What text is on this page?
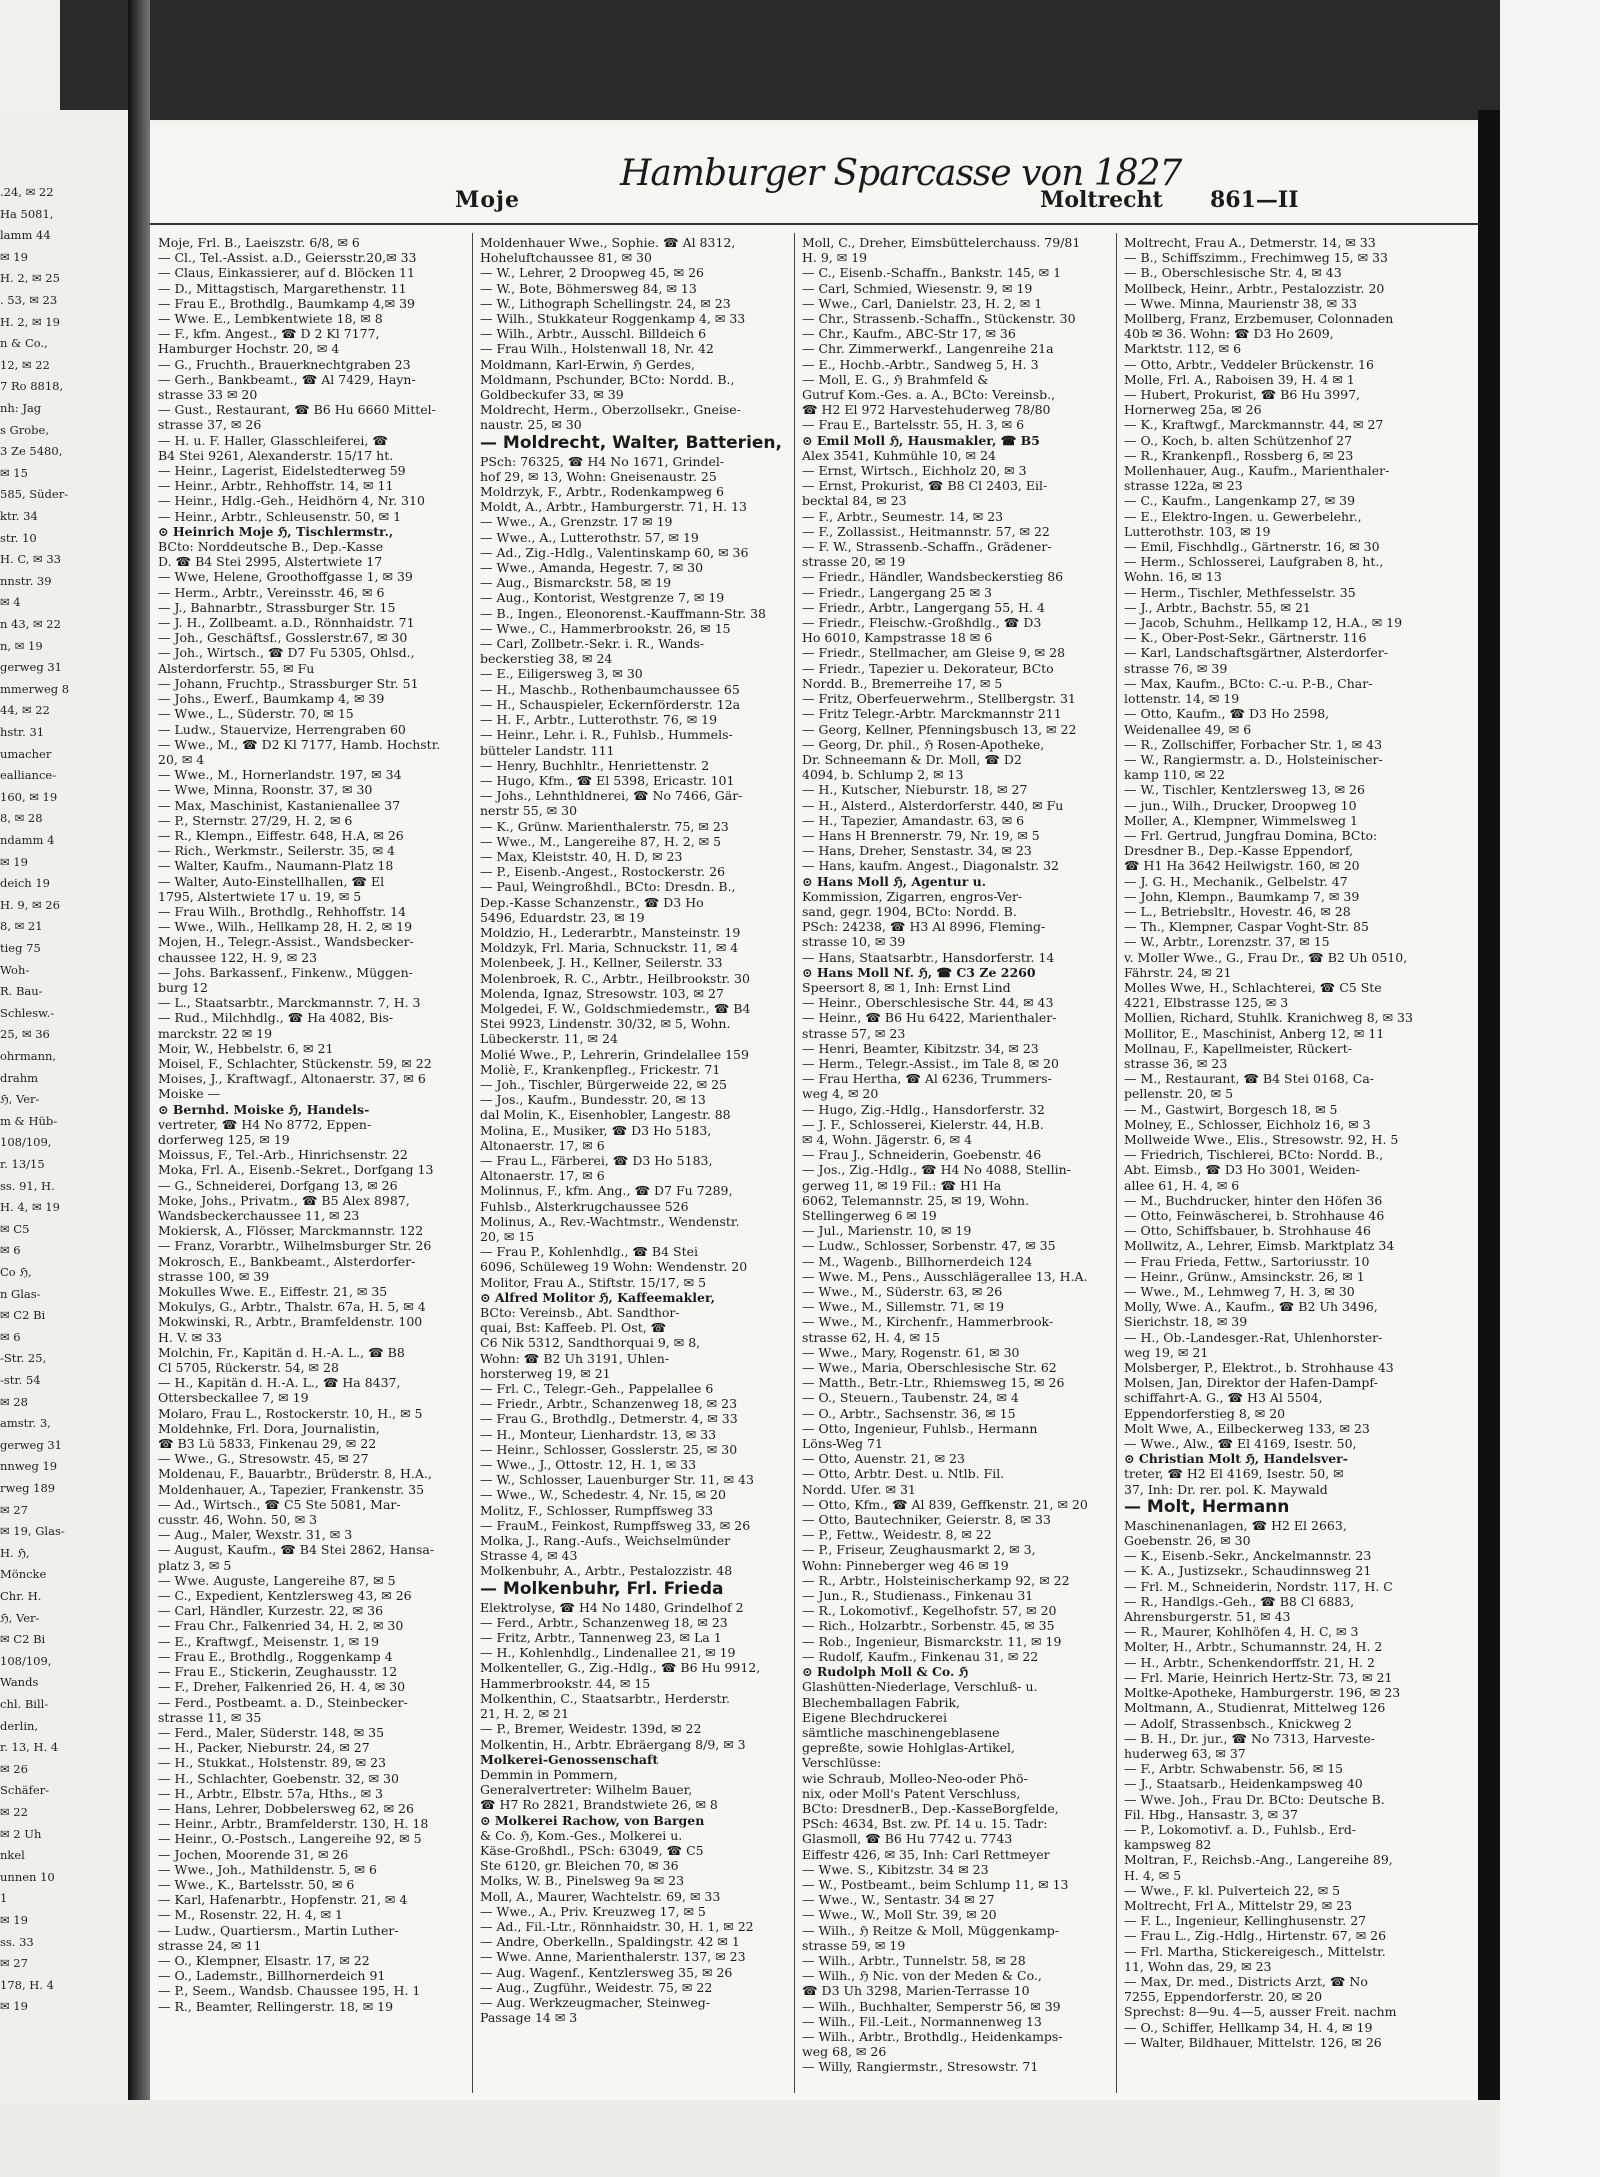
.24, ✉ 22
Ha 5081,
lamm 44
✉ 19
H. 2, ✉ 25
. 53, ✉ 23
H. 2, ✉ 19
n & Co.,
12, ✉ 22
7 Ro 8818,
nh: Jag
s Grobe,
3 Ze 5480,
✉ 15
585, Süder-
ktr. 34
str. 10
H. C, ✉ 33
nnstr. 39
✉ 4
n 43, ✉ 22
n, ✉ 19
gerweg 31
mmerweg 8
44, ✉ 22
hstr. 31
umacher
ealliance-
160, ✉ 19
8, ✉ 28
ndamm 4
✉ 19
deich 19
H. 9, ✉ 26
8, ✉ 21
tieg 75
Woh-
R. Bau-
Schlesw.-
25, ✉ 36
ohrmann,
drahm
ℌ, Ver-
m & Hüb-
108/109,
r. 13/15
ss. 91, H.
H. 4, ✉ 19
✉ C5
✉ 6
Co ℌ,
n Glas-
✉ C2 Bi
✉ 6
-Str. 25,
-str. 54
✉ 28
amstr. 3,
gerweg 31
nnweg 19
rweg 189
✉ 27
✉ 19, Glas-
H. ℌ,
Möncke
Chr. H.
ℌ, Ver-
✉ C2 Bi
108/109,
Wands
chl. Bill-
derlin,
r. 13, H. 4
✉ 26
Schäfer-
✉ 22
✉ 2 Uh
nkel
unnen 10
1
✉ 19
ss. 33
✉ 27
178, H. 4
✉ 19
Moje
Hamburger Sparcasse von 1827
Moltrecht 861—II
Moje, Frl. B., Laeiszstr. 6/8, ✉ 6
— Cl., Tel.-Assist. a.D., Geiersstr.20,✉ 33
— Claus, Einkassierer, auf d. Blöcken 11
— D., Mittagstisch, Margarethenstr. 11
— Frau E., Brothdlg., Baumkamp 4,✉ 39
— Wwe. E., Lembkentwiete 18, ✉ 8
— F., kfm. Angest., ☎ D 2 Kl 7177,
Hamburger Hochstr. 20, ✉ 4
— G., Fruchth., Brauerknechtgraben 23
— Gerh., Bankbeamt., ☎ Al 7429, Hayn-
strasse 33 ✉ 20
— Gust., Restaurant, ☎ B6 Hu 6660 Mittel-
strasse 37, ✉ 26
— H. u. F. Haller, Glasschleiferei, ☎
B4 Stei 9261, Alexanderstr. 15/17 ht.
— Heinr., Lagerist, Eidelstedterweg 59
— Heinr., Arbtr., Rehhoffstr. 14, ✉ 11
— Heinr., Hdlg.-Geh., Heidhörn 4, Nr. 310
— Heinr., Arbtr., Schleusenstr. 50, ✉ 1
⊙ Heinrich Moje ℌ, Tischlermstr.,
BCto: Norddeutsche B., Dep.-Kasse
D. ☎ B4 Stei 2995, Alstertwiete 17
— Wwe, Helene, Groothoffgasse 1, ✉ 39
— Herm., Arbtr., Vereinsstr. 46, ✉ 6
— J., Bahnarbtr., Strassburger Str. 15
— J. H., Zollbeamt. a.D., Rönnhaidstr. 71
— Joh., Geschäftsf., Gosslerstr.67, ✉ 30
— Joh., Wirtsch., ☎ D7 Fu 5305, Ohlsd.,
Alsterdorferstr. 55, ✉ Fu
— Johann, Fruchtp., Strassburger Str. 51
— Johs., Ewerf., Baumkamp 4, ✉ 39
— Wwe., L., Süderstr. 70, ✉ 15
— Ludw., Stauervize, Herrengraben 60
— Wwe., M., ☎ D2 Kl 7177, Hamb. Hochstr.
20, ✉ 4
— Wwe., M., Hornerlandstr. 197, ✉ 34
— Wwe, Minna, Roonstr. 37, ✉ 30
— Max, Maschinist, Kastanienallee 37
— P., Sternstr. 27/29, H. 2, ✉ 6
— R., Klempn., Eiffestr. 648, H.A, ✉ 26
— Rich., Werkmstr., Seilerstr. 35, ✉ 4
— Walter, Kaufm., Naumann-Platz 18
— Walter, Auto-Einstellhallen, ☎ El
1795, Alstertwiete 17 u. 19, ✉ 5
— Frau Wilh., Brothdlg., Rehhoffstr. 14
— Wwe., Wilh., Hellkamp 28, H. 2, ✉ 19
Mojen, H., Telegr.-Assist., Wandsbecker-
chaussee 122, H. 9, ✉ 23
— Johs. Barkassenf., Finkenw., Müggen-
burg 12
— L., Staatsarbtr., Marckmannstr. 7, H. 3
— Rud., Milchhdlg., ☎ Ha 4082, Bis-
marckstr. 22 ✉ 19
Moir, W., Hebbelstr. 6, ✉ 21
Moisel, F., Schlachter, Stückenstr. 59, ✉ 22
Moises, J., Kraftwagf., Altonaerstr. 37, ✉ 6
Moiske —
⊙ Bernhd. Moiske ℌ, Handels-
vertreter, ☎ H4 No 8772, Eppen-
dorferweg 125, ✉ 19
Moissus, F., Tel.-Arb., Hinrichsenstr. 22
Moka, Frl. A., Eisenb.-Sekret., Dorfgang 13
— G., Schneiderei, Dorfgang 13, ✉ 26
Moke, Johs., Privatm., ☎ B5 Alex 8987,
Wandsbeckerchaussee 11, ✉ 23
Mokiersk, A., Flösser, Marckmannstr. 122
— Franz, Vorarbtr., Wilhelmsburger Str. 26
Mokrosch, E., Bankbeamt., Alsterdorfer-
strasse 100, ✉ 39
Mokulles Wwe. E., Eiffestr. 21, ✉ 35
Mokulys, G., Arbtr., Thalstr. 67a, H. 5, ✉ 4
Mokwinski, R., Arbtr., Bramfeldenstr. 100
H. V. ✉ 33
Molchin, Fr., Kapitän d. H.-A. L., ☎ B8
Cl 5705, Rückerstr. 54, ✉ 28
— H., Kapitän d. H.-A. L., ☎ Ha 8437,
Ottersbeckallee 7, ✉ 19
Molaro, Frau L., Rostockerstr. 10, H., ✉ 5
Moldehnke, Frl. Dora, Journalistin,
☎ B3 Lü 5833, Finkenau 29, ✉ 22
— Wwe., G., Stresowstr. 45, ✉ 27
Moldenau, F., Bauarbtr., Brüderstr. 8, H.A.,
Moldenhauer, A., Tapezier, Frankenstr. 35
— Ad., Wirtsch., ☎ C5 Ste 5081, Mar-
cusstr. 46, Wohn. 50, ✉ 3
— Aug., Maler, Wexstr. 31, ✉ 3
— August, Kaufm., ☎ B4 Stei 2862, Hansa-
platz 3, ✉ 5
— Wwe. Auguste, Langereihe 87, ✉ 5
— C., Expedient, Kentzlersweg 43, ✉ 26
— Carl, Händler, Kurzestr. 22, ✉ 36
— Frau Chr., Falkenried 34, H. 2, ✉ 30
— E., Kraftwgf., Meisenstr. 1, ✉ 19
— Frau E., Brothdlg., Roggenkamp 4
— Frau E., Stickerin, Zeughausstr. 12
— F., Dreher, Falkenried 26, H. 4, ✉ 30
— Ferd., Postbeamt. a. D., Steinbecker-
strasse 11, ✉ 35
— Ferd., Maler, Süderstr. 148, ✉ 35
— H., Packer, Nieburstr. 24, ✉ 27
— H., Stukkat., Holstenstr. 89, ✉ 23
— H., Schlachter, Goebenstr. 32, ✉ 30
— H., Arbtr., Elbstr. 57a, Hths., ✉ 3
— Hans, Lehrer, Dobbelersweg 62, ✉ 26
— Heinr., Arbtr., Bramfelderstr. 130, H. 18
— Heinr., O.-Postsch., Langereihe 92, ✉ 5
— Jochen, Moorende 31, ✉ 26
— Wwe., Joh., Mathildenstr. 5, ✉ 6
— Wwe., K., Bartelsstr. 50, ✉ 6
— Karl, Hafenarbtr., Hopfenstr. 21, ✉ 4
— M., Rosenstr. 22, H. 4, ✉ 1
— Ludw., Quartiersm., Martin Luther-
strasse 24, ✉ 11
— O., Klempner, Elsastr. 17, ✉ 22
— O., Lademstr., Billhornerdeich 91
— P., Seem., Wandsb. Chaussee 195, H. 1
— R., Beamter, Rellingerstr. 18, ✉ 19
Moldenhauer Wwe., Sophie. ☎ Al 8312,
Hoheluftchaussee 81, ✉ 30
— W., Lehrer, 2 Droopweg 45, ✉ 26
— W., Bote, Böhmersweg 84, ✉ 13
— W., Lithograph Schellingstr. 24, ✉ 23
— Wilh., Stukkateur Roggenkamp 4, ✉ 33
— Wilh., Arbtr., Ausschl. Billdeich 6
— Frau Wilh., Holstenwall 18, Nr. 42
Moldmann, Karl-Erwin, ℌ Gerdes,
Moldmann, Pschunder, BCto: Nordd. B.,
Goldbeckufer 33, ✉ 39
Moldrecht, Herm., Oberzollsekr., Gneise-
naustr. 25, ✉ 30
— Moldrecht, Walter, Batterien,
PSch: 76325, ☎ H4 No 1671, Grindel-
hof 29, ✉ 13, Wohn: Gneisenaustr. 25
Moldrzyk, F., Arbtr., Rodenkampweg 6
Moldt, A., Arbtr., Hamburgerstr. 71, H. 13
— Wwe., A., Grenzstr. 17 ✉ 19
— Wwe., A., Lutterothstr. 57, ✉ 19
— Ad., Zig.-Hdlg., Valentinskamp 60, ✉ 36
— Wwe., Amanda, Hegestr. 7, ✉ 30
— Aug., Bismarckstr. 58, ✉ 19
— Aug., Kontorist, Westgrenze 7, ✉ 19
— B., Ingen., Eleonorenst.-Kauffmann-Str. 38
— Wwe., C., Hammerbrookstr. 26, ✉ 15
— Carl, Zollbetr.-Sekr. i. R., Wands-
beckerstieg 38, ✉ 24
— E., Eiligersweg 3, ✉ 30
— H., Maschb., Rothenbaumchaussee 65
— H., Schauspieler, Eckernförderstr. 12a
— H. F., Arbtr., Lutterothstr. 76, ✉ 19
— Heinr., Lehr. i. R., Fuhlsb., Hummels-
bütteler Landstr. 111
— Henry, Buchhltr., Henriettenstr. 2
— Hugo, Kfm., ☎ El 5398, Ericastr. 101
— Johs., Lehnthldnerei, ☎ No 7466, Gär-
nerstr 55, ✉ 30
— K., Grünw. Marienthalerstr. 75, ✉ 23
— Wwe., M., Langereihe 87, H. 2, ✉ 5
— Max, Kleiststr. 40, H. D, ✉ 23
— P., Eisenb.-Angest., Rostockerstr. 26
— Paul, Weingroßhdl., BCto: Dresdn. B.,
Dep.-Kasse Schanzenstr., ☎ D3 Ho
5496, Eduardstr. 23, ✉ 19
Moldzio, H., Lederarbtr., Mansteinstr. 19
Moldzyk, Frl. Maria, Schnuckstr. 11, ✉ 4
Molenbeek, J. H., Kellner, Seilerstr. 33
Molenbroek, R. C., Arbtr., Heilbrookstr. 30
Molenda, Ignaz, Stresowstr. 103, ✉ 27
Molgedei, F. W., Goldschmiedemstr., ☎ B4
Stei 9923, Lindenstr. 30/32, ✉ 5, Wohn.
Lübeckerstr. 11, ✉ 24
Molié Wwe., P., Lehrerin, Grindelallee 159
Moliè, F., Krankenpfleg., Frickestr. 71
— Joh., Tischler, Bürgerweide 22, ✉ 25
— Jos., Kaufm., Bundesstr. 20, ✉ 13
dal Molin, K., Eisenhobler, Langestr. 88
Molina, E., Musiker, ☎ D3 Ho 5183,
Altonaerstr. 17, ✉ 6
— Frau L., Färberei, ☎ D3 Ho 5183,
Altonaerstr. 17, ✉ 6
Molinnus, F., kfm. Ang., ☎ D7 Fu 7289,
Fuhlsb., Alsterkrugchaussee 526
Molinus, A., Rev.-Wachtmstr., Wendenstr.
20, ✉ 15
— Frau P., Kohlenhdlg., ☎ B4 Stei
6096, Schüleweg 19 Wohn: Wendenstr. 20
Molitor, Frau A., Stiftstr. 15/17, ✉ 5
⊙ Alfred Molitor ℌ, Kaffeemakler,
BCto: Vereinsb., Abt. Sandthor-
quai, Bst: Kaffeeb. Pl. Ost, ☎
C6 Nik 5312, Sandthorquai 9, ✉ 8,
Wohn: ☎ B2 Uh 3191, Uhlen-
horsterweg 19, ✉ 21
— Frl. C., Telegr.-Geh., Pappelallee 6
— Friedr., Arbtr., Schanzenweg 18, ✉ 23
— Frau G., Brothdlg., Detmerstr. 4, ✉ 33
— H., Monteur, Lienhardstr. 13, ✉ 33
— Heinr., Schlosser, Gosslerstr. 25, ✉ 30
— Wwe., J., Ottostr. 12, H. 1, ✉ 33
— W., Schlosser, Lauenburger Str. 11, ✉ 43
— Wwe., W., Schedestr. 4, Nr. 15, ✉ 20
Molitz, F., Schlosser, Rumpffsweg 33
— FrauM., Feinkost, Rumpffsweg 33, ✉ 26
Molka, J., Rang.-Aufs., Weichselmünder
Strasse 4, ✉ 43
Molkenbuhr, A., Arbtr., Pestalozzistr. 48
— Molkenbuhr, Frl. Frieda
Elektrolyse, ☎ H4 No 1480, Grindelhof 2
— Ferd., Arbtr., Schanzenweg 18, ✉ 23
— Fritz, Arbtr., Tannenweg 23, ✉ La 1
— H., Kohlenhdlg., Lindenallee 21, ✉ 19
Molkenteller, G., Zig.-Hdlg., ☎ B6 Hu 9912,
Hammerbrookstr. 44, ✉ 15
Molkenthin, C., Staatsarbtr., Herderstr.
21, H. 2, ✉ 21
— P., Bremer, Weidestr. 139d, ✉ 22
Molkentin, H., Arbtr. Ebräergang 8/9, ✉ 3
Molkerei-Genossenschaft
Demmin in Pommern,
Generalvertreter: Wilhelm Bauer,
☎ H7 Ro 2821, Brandstwiete 26, ✉ 8
⊙ Molkerei Rachow, von Bargen
& Co. ℌ, Kom.-Ges., Molkerei u.
Käse-Großhdl., PSch: 63049, ☎ C5
Ste 6120, gr. Bleichen 70, ✉ 36
Molks, W. B., Pinelsweg 9a ✉ 23
Moll, A., Maurer, Wachtelstr. 69, ✉ 33
— Wwe., A., Priv. Kreuzweg 17, ✉ 5
— Ad., Fil.-Ltr., Rönnhaidstr. 30, H. 1, ✉ 22
— Andre, Oberkelln., Spaldingstr. 42 ✉ 1
— Wwe. Anne, Marienthalerstr. 137, ✉ 23
— Aug. Wagenf., Kentzlersweg 35, ✉ 26
— Aug., Zugführ., Weidestr. 75, ✉ 22
— Aug. Werkzeugmacher, Steinweg-
Passage 14 ✉ 3
Moll, C., Dreher, Eimsbüttelerchauss. 79/81
H. 9, ✉ 19
— C., Eisenb.-Schaffn., Bankstr. 145, ✉ 1
— Carl, Schmied, Wiesenstr. 9, ✉ 19
— Wwe., Carl, Danielstr. 23, H. 2, ✉ 1
— Chr., Strassenb.-Schaffn., Stückenstr. 30
— Chr., Kaufm., ABC-Str 17, ✉ 36
— Chr. Zimmerwerkf., Langenreihe 21a
— E., Hochb.-Arbtr., Sandweg 5, H. 3
— Moll, E. G., ℌ Brahmfeld &
Gutruf Kom.-Ges. a. A., BCto: Vereinsb.,
☎ H2 El 972 Harvestehuderweg 78/80
— Frau E., Bartelsstr. 55, H. 3, ✉ 6
⊙ Emil Moll ℌ, Hausmakler, ☎ B5
Alex 3541, Kuhmühle 10, ✉ 24
— Ernst, Wirtsch., Eichholz 20, ✉ 3
— Ernst, Prokurist, ☎ B8 Cl 2403, Eil-
becktal 84, ✉ 23
— F., Arbtr., Seumestr. 14, ✉ 23
— F., Zollassist., Heitmannstr. 57, ✉ 22
— F. W., Strassenb.-Schaffn., Grädener-
strasse 20, ✉ 19
— Friedr., Händler, Wandsbeckerstieg 86
— Friedr., Langergang 25 ✉ 3
— Friedr., Arbtr., Langergang 55, H. 4
— Friedr., Fleischw.-Großhdlg., ☎ D3
Ho 6010, Kampstrasse 18 ✉ 6
— Friedr., Stellmacher, am Gleise 9, ✉ 28
— Friedr., Tapezier u. Dekorateur, BCto
Nordd. B., Bremerreihe 17, ✉ 5
— Fritz, Oberfeuerwehrm., Stellbergstr. 31
— Fritz Telegr.-Arbtr. Marckmannstr 211
— Georg, Kellner, Pfenningsbusch 13, ✉ 22
— Georg, Dr. phil., ℌ Rosen-Apotheke,
Dr. Schneemann & Dr. Moll, ☎ D2
4094, b. Schlump 2, ✉ 13
— H., Kutscher, Nieburstr. 18, ✉ 27
— H., Alsterd., Alsterdorferstr. 440, ✉ Fu
— H., Tapezier, Amandastr. 63, ✉ 6
— Hans H Brennerstr. 79, Nr. 19, ✉ 5
— Hans, Dreher, Senstastr. 34, ✉ 23
— Hans, kaufm. Angest., Diagonalstr. 32
⊙ Hans Moll ℌ, Agentur u.
Kommission, Zigarren, engros-Ver-
sand, gegr. 1904, BCto: Nordd. B.
PSch: 24238, ☎ H3 Al 8996, Fleming-
strasse 10, ✉ 39
— Hans, Staatsarbtr., Hansdorferstr. 14
⊙ Hans Moll Nf. ℌ, ☎ C3 Ze 2260
Speersort 8, ✉ 1, Inh: Ernst Lind
— Heinr., Oberschlesische Str. 44, ✉ 43
— Heinr., ☎ B6 Hu 6422, Marienthaler-
strasse 57, ✉ 23
— Henri, Beamter, Kibitzstr. 34, ✉ 23
— Herm., Telegr.-Assist., im Tale 8, ✉ 20
— Frau Hertha, ☎ Al 6236, Trummers-
weg 4, ✉ 20
— Hugo, Zig.-Hdlg., Hansdorferstr. 32
— J. F., Schlosserei, Kielerstr. 44, H.B.
✉ 4, Wohn. Jägerstr. 6, ✉ 4
— Frau J., Schneiderin, Goebenstr. 46
— Jos., Zig.-Hdlg., ☎ H4 No 4088, Stellin-
gerweg 11, ✉ 19 Fil.: ☎ H1 Ha
6062, Telemannstr. 25, ✉ 19, Wohn.
Stellingerweg 6 ✉ 19
— Jul., Marienstr. 10, ✉ 19
— Ludw., Schlosser, Sorbenstr. 47, ✉ 35
— M., Wagenb., Billhornerdeich 124
— Wwe. M., Pens., Ausschlägerallee 13, H.A.
— Wwe., M., Süderstr. 63, ✉ 26
— Wwe., M., Sillemstr. 71, ✉ 19
— Wwe., M., Kirchenfr., Hammerbrook-
strasse 62, H. 4, ✉ 15
— Wwe., Mary, Rogenstr. 61, ✉ 30
— Wwe., Maria, Oberschlesische Str. 62
— Matth., Betr.-Ltr., Rhiemsweg 15, ✉ 26
— O., Steuern., Taubenstr. 24, ✉ 4
— O., Arbtr., Sachsenstr. 36, ✉ 15
— Otto, Ingenieur, Fuhlsb., Hermann
Löns-Weg 71
— Otto, Auenstr. 21, ✉ 23
— Otto, Arbtr. Dest. u. Ntlb. Fil.
Nordd. Ufer. ✉ 31
— Otto, Kfm., ☎ Al 839, Geffkenstr. 21, ✉ 20
— Otto, Bautechniker, Geierstr. 8, ✉ 33
— P., Fettw., Weidestr. 8, ✉ 22
— P., Friseur, Zeughausmarkt 2, ✉ 3,
Wohn: Pinneberger weg 46 ✉ 19
— R., Arbtr., Holsteinischerkamp 92, ✉ 22
— Jun., R., Studienass., Finkenau 31
— R., Lokomotivf., Kegelhofstr. 57, ✉ 20
— Rich., Holzarbtr., Sorbenstr. 45, ✉ 35
— Rob., Ingenieur, Bismarckstr. 11, ✉ 19
— Rudolf, Kaufm., Finkenau 31, ✉ 22
⊙ Rudolph Moll & Co. ℌ
Glashütten-Niederlage, Verschluß- u.
Blechemballagen Fabrik,
Eigene Blechdruckerei
sämtliche maschinengeblasene
gepreßte, sowie Hohlglas-Artikel,
Verschlüsse:
wie Schraub, Molleo-Neo-oder Phö-
nix, oder Moll's Patent Verschluss,
BCto: DresdnerB., Dep.-KasseBorgfelde,
PSch: 4634, Bst. zw. Pf. 14 u. 15. Tadr:
Glasmoll, ☎ B6 Hu 7742 u. 7743
Eiffestr 426, ✉ 35, Inh: Carl Rettmeyer
— Wwe. S., Kibitzstr. 34 ✉ 23
— W., Postbeamt., beim Schlump 11, ✉ 13
— Wwe., W., Sentastr. 34 ✉ 27
— Wwe., W., Moll Str. 39, ✉ 20
— Wilh., ℌ Reitze & Moll, Müggenkamp-
strasse 59, ✉ 19
— Wilh., Arbtr., Tunnelstr. 58, ✉ 28
— Wilh., ℌ Nic. von der Meden & Co.,
☎ D3 Uh 3298, Marien-Terrasse 10
— Wilh., Buchhalter, Semperstr 56, ✉ 39
— Wilh., Fil.-Leit., Normannenweg 13
— Wilh., Arbtr., Brothdlg., Heidenkamps-
weg 68, ✉ 26
— Willy, Rangiermstr., Stresowstr. 71
Moltrecht, Frau A., Detmerstr. 14, ✉ 33
— B., Schiffszimm., Frechimweg 15, ✉ 33
— B., Oberschlesische Str. 4, ✉ 43
Mollbeck, Heinr., Arbtr., Pestalozzistr. 20
— Wwe. Minna, Maurienstr 38, ✉ 33
Mollberg, Franz, Erzbemuser, Colonnaden
40b ✉ 36. Wohn: ☎ D3 Ho 2609,
Marktstr. 112, ✉ 6
— Otto, Arbtr., Veddeler Brückenstr. 16
Molle, Frl. A., Raboisen 39, H. 4 ✉ 1
— Hubert, Prokurist, ☎ B6 Hu 3997,
Hornerweg 25a, ✉ 26
— K., Kraftwgf., Marckmannstr. 44, ✉ 27
— O., Koch, b. alten Schützenhof 27
— R., Krankenpfl., Rossberg 6, ✉ 23
Mollenhauer, Aug., Kaufm., Marienthaler-
strasse 122a, ✉ 23
— C., Kaufm., Langenkamp 27, ✉ 39
— E., Elektro-Ingen. u. Gewerbelehr.,
Lutterothstr. 103, ✉ 19
— Emil, Fischhdlg., Gärtnerstr. 16, ✉ 30
— Herm., Schlosserei, Laufgraben 8, ht.,
Wohn. 16, ✉ 13
— Herm., Tischler, Methfesselstr. 35
— J., Arbtr., Bachstr. 55, ✉ 21
— Jacob, Schuhm., Hellkamp 12, H.A., ✉ 19
— K., Ober-Post-Sekr., Gärtnerstr. 116
— Karl, Landschaftsgärtner, Alsterdorfer-
strasse 76, ✉ 39
— Max, Kaufm., BCto: C.-u. P.-B., Char-
lottenstr. 14, ✉ 19
— Otto, Kaufm., ☎ D3 Ho 2598,
Weidenallee 49, ✉ 6
— R., Zollschiffer, Forbacher Str. 1, ✉ 43
— W., Rangiermstr. a. D., Holsteinischer-
kamp 110, ✉ 22
— W., Tischler, Kentzlersweg 13, ✉ 26
— jun., Wilh., Drucker, Droopweg 10
Moller, A., Klempner, Wimmelsweg 1
— Frl. Gertrud, Jungfrau Domina, BCto:
Dresdner B., Dep.-Kasse Eppendorf,
☎ H1 Ha 3642 Heilwigstr. 160, ✉ 20
— J. G. H., Mechanik., Gelbelstr. 47
— John, Klempn., Baumkamp 7, ✉ 39
— L., Betriebsltr., Hovestr. 46, ✉ 28
— Th., Klempner, Caspar Voght-Str. 85
— W., Arbtr., Lorenzstr. 37, ✉ 15
v. Moller Wwe., G., Frau Dr., ☎ B2 Uh 0510,
Fährstr. 24, ✉ 21
Molles Wwe, H., Schlachterei, ☎ C5 Ste
4221, Elbstrasse 125, ✉ 3
Mollien, Richard, Stuhlk. Kranichweg 8, ✉ 33
Mollitor, E., Maschinist, Anberg 12, ✉ 11
Mollnau, F., Kapellmeister, Rückert-
strasse 36, ✉ 23
— M., Restaurant, ☎ B4 Stei 0168, Ca-
pellenstr. 20, ✉ 5
— M., Gastwirt, Borgesch 18, ✉ 5
Molney, E., Schlosser, Eichholz 16, ✉ 3
Mollweide Wwe., Elis., Stresowstr. 92, H. 5
— Friedrich, Tischlerei, BCto: Nordd. B.,
Abt. Eimsb., ☎ D3 Ho 3001, Weiden-
allee 61, H. 4, ✉ 6
— M., Buchdrucker, hinter den Höfen 36
— Otto, Feinwäscherei, b. Strohhause 46
— Otto, Schiffsbauer, b. Strohhause 46
Mollwitz, A., Lehrer, Eimsb. Marktplatz 34
— Frau Frieda, Fettw., Sartoriusstr. 10
— Heinr., Grünw., Amsinckstr. 26, ✉ 1
— Wwe., M., Lehmweg 7, H. 3, ✉ 30
Molly, Wwe. A., Kaufm., ☎ B2 Uh 3496,
Sierichstr. 18, ✉ 39
— H., Ob.-Landesger.-Rat, Uhlenhorster-
weg 19, ✉ 21
Molsberger, P., Elektrot., b. Strohhause 43
Molsen, Jan, Direktor der Hafen-Dampf-
schiffahrt-A. G., ☎ H3 Al 5504,
Eppendorferstieg 8, ✉ 20
Molt Wwe, A., Eilbeckerweg 133, ✉ 23
— Wwe., Alw., ☎ El 4169, Isestr. 50,
⊙ Christian Molt ℌ, Handelsver-
treter, ☎ H2 El 4169, Isestr. 50, ✉
37, Inh: Dr. rer. pol. K. Maywald
— Molt, Hermann
Maschinenanlagen, ☎ H2 El 2663,
Goebenstr. 26, ✉ 30
— K., Eisenb.-Sekr., Anckelmannstr. 23
— K. A., Justizsekr., Schaudinnsweg 21
— Frl. M., Schneiderin, Nordstr. 117, H. C
— R., Handlgs.-Geh., ☎ B8 Cl 6883,
Ahrensburgerstr. 51, ✉ 43
— R., Maurer, Kohlhöfen 4, H. C, ✉ 3
Molter, H., Arbtr., Schumannstr. 24, H. 2
— H., Arbtr., Schenkendorffstr. 21, H. 2
— Frl. Marie, Heinrich Hertz-Str. 73, ✉ 21
Moltke-Apotheke, Hamburgerstr. 196, ✉ 23
Moltmann, A., Studienrat, Mittelweg 126
— Adolf, Strassenbsch., Knickweg 2
— B. H., Dr. jur., ☎ No 7313, Harveste-
huderweg 63, ✉ 37
— F., Arbtr. Schwabenstr. 56, ✉ 15
— J., Staatsarb., Heidenkampsweg 40
— Wwe. Joh., Frau Dr. BCto: Deutsche B.
Fil. Hbg., Hansastr. 3, ✉ 37
— P., Lokomotivf. a. D., Fuhlsb., Erd-
kampsweg 82
Moltran, F., Reichsb.-Ang., Langereihe 89,
H. 4, ✉ 5
— Wwe., F. kl. Pulverteich 22, ✉ 5
Moltrecht, Frl A., Mittelstr 29, ✉ 23
— F. L., Ingenieur, Kellinghusenstr. 27
— Frau L., Zig.-Hdlg., Hirtenstr. 67, ✉ 26
— Frl. Martha, Stickereigesch., Mittelstr.
11, Wohn das, 29, ✉ 23
— Max, Dr. med., Districts Arzt, ☎ No
7255, Eppendorferstr. 20, ✉ 20
Sprechst: 8—9u. 4—5, ausser Freit. nachm
— O., Schiffer, Hellkamp 34, H. 4, ✉ 19
— Walter, Bildhauer, Mittelstr. 126, ✉ 26
